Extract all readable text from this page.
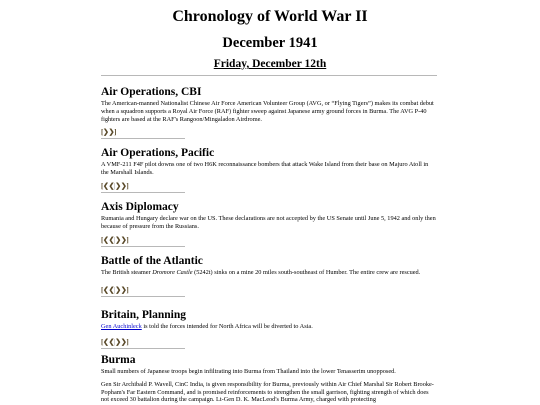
Chronology of World War II
December 1941
Friday, December 12th
Air Operations, CBI

The American-manned Nationalist Chinese Air Force American Volunteer Group (AVG, or “Flying Tigers”) makes its combat debut when a squadron supports a Royal Air Force (RAF) fighter sweep against Japanese army ground forces in Burma. The AVG P-40 fighters are based at the RAF's Rangoon/Mingaladon Airdrome.

[❯❯]
Air Operations, Pacific

A VMF-211 F4F pilot downs one of two H6K reconnaissance bombers that attack Wake Island from their base on Majuro Atoll in the Marshall Islands.

[❮❮|❯❯]
Axis Diplomacy

Rumania and Hungary declare war on the US. These declarations are not accepted by the US Senate until June 5, 1942 and only then because of pressure from the Russians.

[❮❮|❯❯]
Battle of the Atlantic

The British steamer Dromore Castle (5242t) sinks on a mine 20 miles south-southeast of Humber. The entire crew are rescued.

[❮❮|❯❯]
Britain, Planning

Gen Auchinleck is told the forces intended for North Africa will be diverted to Asia.

[❮❮|❯❯]
Burma

Small numbers of Japanese troops begin infiltrating into Burma from Thailand into the lower Tenasserim unopposed.

Gen Sir Archibald P. Wavell, CinC India, is given responsibility for Burma, previously within Air Chief Marshal Sir Robert Brooke-Popham's Far Eastern Command, and is promised reinforcements to strengthen the small garrison, fighting strength of which does not exceed 30 battalion during the campaign. Lt-Gen D. K. MacLeod's Burma Army, charged with protecting
